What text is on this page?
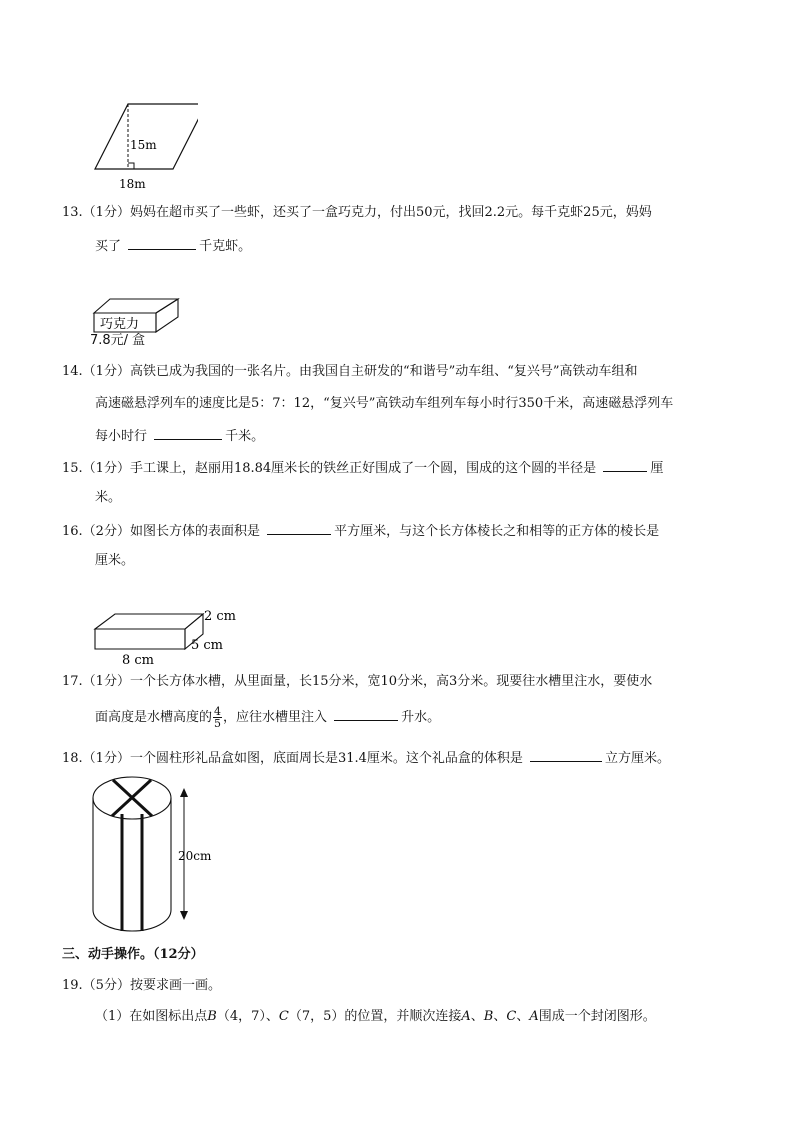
15m
18m
13.（1分）妈妈在超市买了一些虾，还买了一盒巧克力，付出50元，找回2.2元。每千克虾25元，妈妈
买了	千克虾。
巧克力
7.8元/ 盒
14.（1分）高铁已成为我国的一张名片。由我国自主研发的“和谐号”动车组、“复兴号”高铁动车组和
高速磁悬浮列车的速度比是5：7：12，“复兴号”高铁动车组列车每小时行350千米，高速磁悬浮列车
每小时行	千米。
15.（1分）手工课上，赵丽用18.84厘米长的铁丝正好围成了一个圆，围成的这个圆的半径是	厘
米。
16.（2分）如图长方体的表面积是	平方厘米，与这个长方体棱长之和相等的正方体的棱长是
厘米。
2 cm
5 cm
8 cm
17.（1分）一个长方体水槽，从里面量，长15分米，宽10分米，高3分米。现要往水槽里注水，要使水
面高度是水槽高度的 $\frac{4}{5}$ ，应往水槽里注入	升水。
18.（1分）一个圆柱形礼品盒如图，底面周长是31.4厘米。这个礼品盒的体积是	立方厘米。
20cm
三、动手操作。（12分）
19.（5分）按要求画一画。
（1）在如图标出点B（4，7）、C（7，5）的位置，并顺次连接A、B、C、A围成一个封闭图形。
